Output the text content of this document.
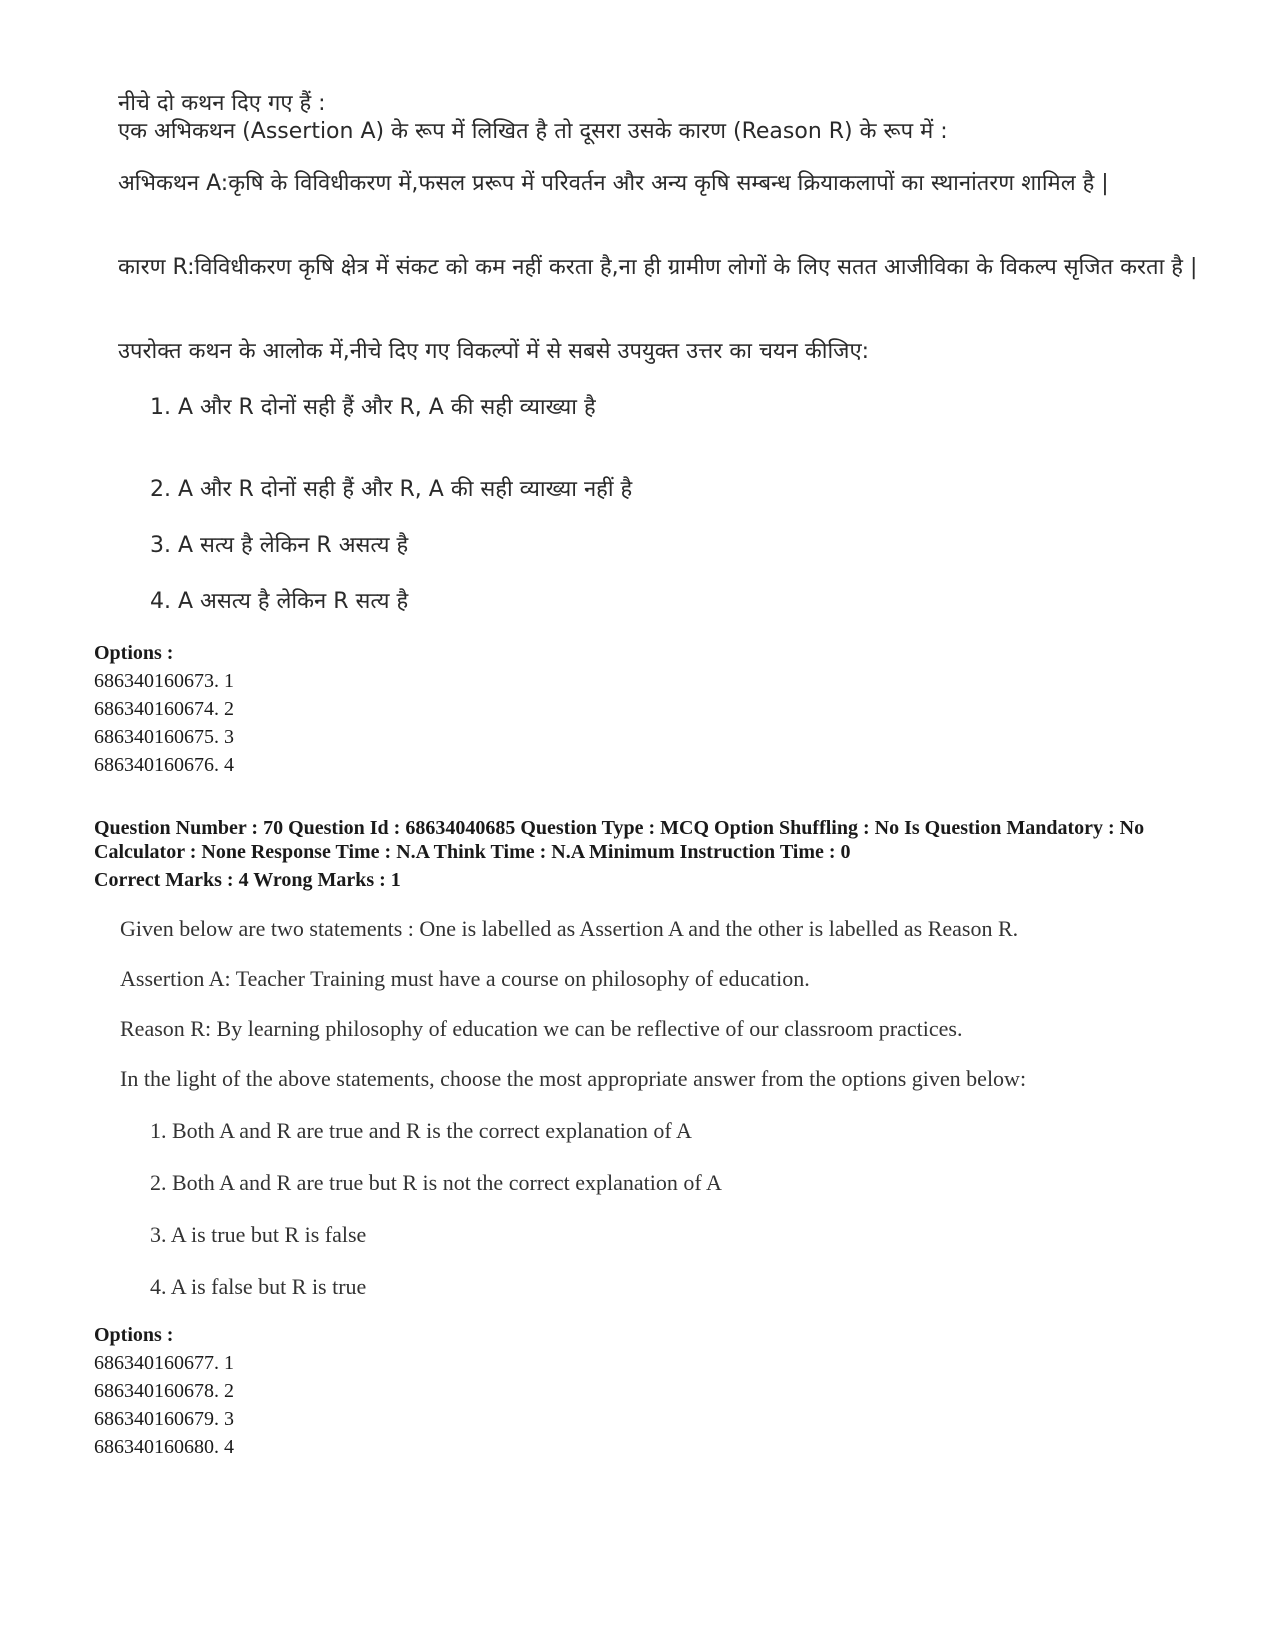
नीचे दो कथन दिए गए हैं :

एक अभिकथन (Assertion A) के रूप में लिखित है तो दूसरा उसके कारण (Reason R) के रूप में :

अभिकथन A:कृषि के विविधीकरण में,फसल प्ररूप में परिवर्तन और अन्य कृषि सम्बन्ध क्रियाकलापों का स्थानांतरण शामिल है |

कारण R:विविधीकरण कृषि क्षेत्र में संकट को कम नहीं करता है,ना ही ग्रामीण लोगों के लिए सतत आजीविका के विकल्प सृजित करता है |

उपरोक्त कथन के आलोक में,नीचे दिए गए विकल्पों में से सबसे उपयुक्त उत्तर का चयन कीजिए:

1. A और R दोनों सही हैं और R, A की सही व्याख्या है

2. A और R दोनों सही हैं और R, A की सही व्याख्या नहीं है

3. A सत्य है लेकिन R असत्य है

4. A असत्य है लेकिन R सत्य है

Options :

686340160673. 1

686340160674. 2

686340160675. 3

686340160676. 4

Question Number : 70 Question Id : 68634040685 Question Type : MCQ Option Shuffling : No Is Question Mandatory : No Calculator : None Response Time : N.A Think Time : N.A Minimum Instruction Time : 0

Correct Marks : 4 Wrong Marks : 1

Given below are two statements : One is labelled as Assertion A and the other is labelled as Reason R.

Assertion A: Teacher Training must have a course on philosophy of education.

Reason R: By learning philosophy of education we can be reflective of our classroom practices.

In the light of the above statements, choose the most appropriate answer from the options given below:

1. Both A and R are true and R is the correct explanation of A

2. Both A and R are true but R is not the correct explanation of A

3. A is true but R is false

4. A is false but R is true

Options :

686340160677. 1

686340160678. 2

686340160679. 3

686340160680. 4
